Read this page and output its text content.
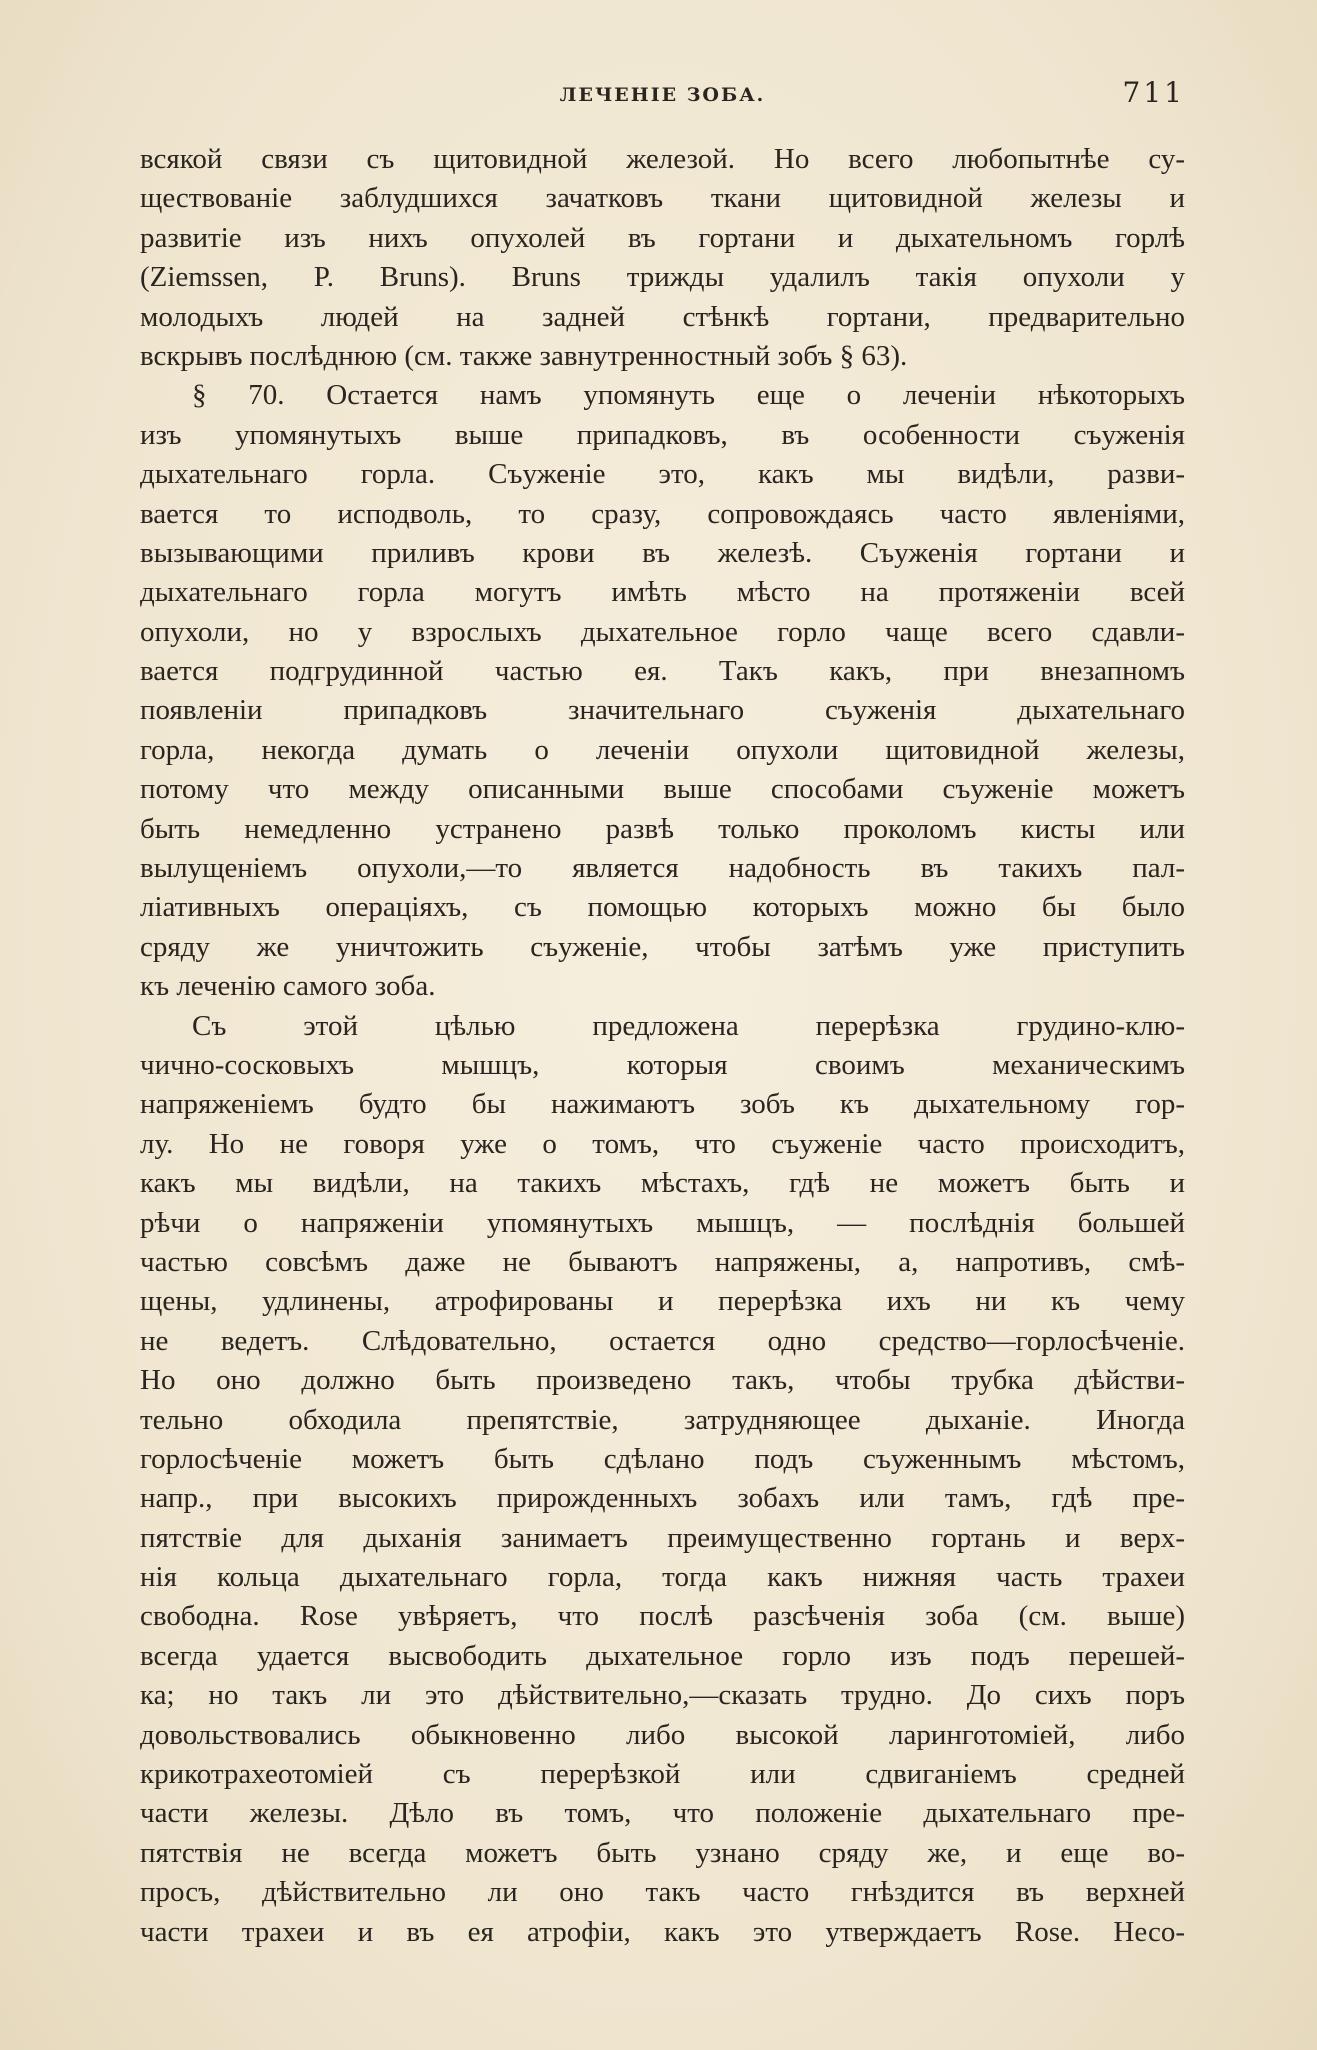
ЛЕЧЕНІЕ ЗОБА.	711
всякой связи съ щитовидной железой. Но всего любопытнѣе су-
ществованіе заблудшихся зачатковъ ткани щитовидной железы и
развитіе изъ нихъ опухолей въ гортани и дыхательномъ горлѣ
(Ziemssen, P. Bruns). Bruns трижды удалилъ такія опухоли у
молодыхъ людей на задней стѣнкѣ гортани, предварительно
вскрывъ послѣднюю (см. также завнутренностный зобъ § 63).
§ 70. Остается намъ упомянуть еще о леченіи нѣкоторыхъ
изъ упомянутыхъ выше припадковъ, въ особенности съуженія
дыхательнаго горла. Съуженіе это, какъ мы видѣли, разви-
вается то исподволь, то сразу, сопровождаясь часто явленіями,
вызывающими приливъ крови въ железѣ. Съуженія гортани и
дыхательнаго горла могутъ имѣть мѣсто на протяженіи всей
опухоли, но у взрослыхъ дыхательное горло чаще всего сдавли-
вается подгрудинной частью ея. Такъ какъ, при внезапномъ
появленіи припадковъ значительнаго съуженія дыхательнаго
горла, некогда думать о леченіи опухоли щитовидной железы,
потому что между описанными выше способами съуженіе можетъ
быть немедленно устранено развѣ только проколомъ кисты или
вылущеніемъ опухоли,—то является надобность въ такихъ пал-
ліативныхъ операціяхъ, съ помощью которыхъ можно бы было
сряду же уничтожить съуженіе, чтобы затѣмъ уже приступить
къ леченію самого зоба.
Съ этой цѣлью предложена перерѣзка грудино-клю-
чично-сосковыхъ мышцъ, которыя своимъ механическимъ
напряженіемъ будто бы нажимаютъ зобъ къ дыхательному гор-
лу. Но не говоря уже о томъ, что съуженіе часто происходитъ,
какъ мы видѣли, на такихъ мѣстахъ, гдѣ не можетъ быть и
рѣчи о напряженіи упомянутыхъ мышцъ, — послѣднія большей
частью совсѣмъ даже не бываютъ напряжены, а, напротивъ, смѣ-
щены, удлинены, атрофированы и перерѣзка ихъ ни къ чему
не ведетъ. Слѣдовательно, остается одно средство—горлосѣченіе.
Но оно должно быть произведено такъ, чтобы трубка дѣйстви-
тельно обходила препятствіе, затрудняющее дыханіе. Иногда
горлосѣченіе можетъ быть сдѣлано подъ съуженнымъ мѣстомъ,
напр., при высокихъ прирожденныхъ зобахъ или тамъ, гдѣ пре-
пятствіе для дыханія занимаетъ преимущественно гортань и верх-
нія кольца дыхательнаго горла, тогда какъ нижняя часть трахеи
свободна. Rose увѣряетъ, что послѣ разсѣченія зоба (см. выше)
всегда удается высвободить дыхательное горло изъ подъ перешей-
ка; но такъ ли это дѣйствительно,—сказать трудно. До сихъ поръ
довольствовались обыкновенно либо высокой ларинготоміей, либо
крикотрахеотоміей съ перерѣзкой или сдвиганіемъ средней
части железы. Дѣло въ томъ, что положеніе дыхательнаго пре-
пятствія не всегда можетъ быть узнано сряду же, и еще во-
просъ, дѣйствительно ли оно такъ часто гнѣздится въ верхней
части трахеи и въ ея атрофіи, какъ это утверждаетъ Rose. Несо-
